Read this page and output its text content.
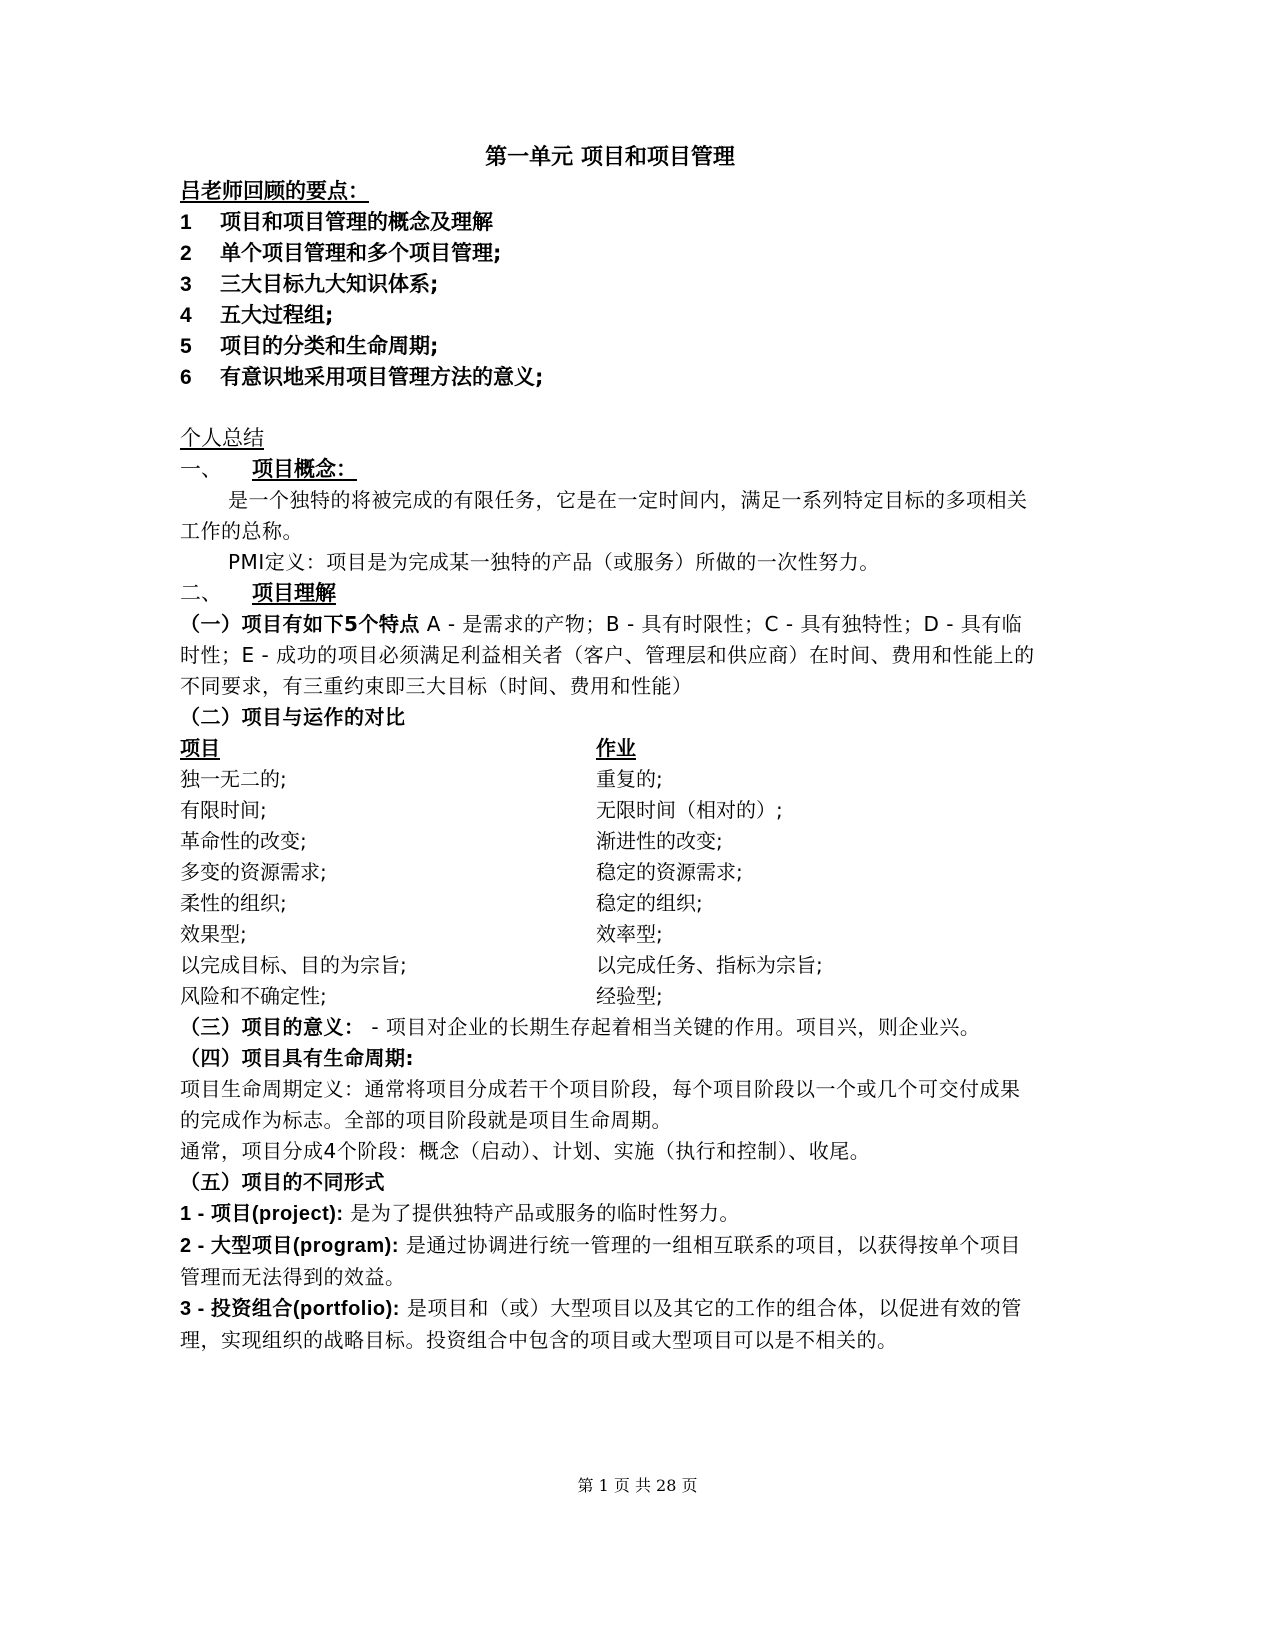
第一单元 项目和项目管理
吕老师回顾的要点：
1	项目和项目管理的概念及理解
2	单个项目管理和多个项目管理;
3	三大目标九大知识体系;
4	五大过程组;
5	项目的分类和生命周期;
6	有意识地采用项目管理方法的意义;
个人总结
一、	项目概念：

是一个独特的将被完成的有限任务，它是在一定时间内，满足一系列特定目标的多项相关工作的总称。

PMI定义：项目是为完成某一独特的产品（或服务）所做的一次性努力。

二、	项目理解

（一）项目有如下5个特点 A - 是需求的产物；B - 具有时限性；C - 具有独特性；D - 具有临时性；E - 成功的项目必须满足利益相关者（客户、管理层和供应商）在时间、费用和性能上的不同要求，有三重约束即三大目标（时间、费用和性能）

（二）项目与运作的对比

项目	作业
独一无二的;	重复的;
有限时间;	无限时间（相对的）;
革命性的改变;	渐进性的改变;
多变的资源需求;	稳定的资源需求;
柔性的组织;	稳定的组织;
效果型;	效率型;
以完成目标、目的为宗旨;	以完成任务、指标为宗旨;
风险和不确定性;	经验型;

（三）项目的意义： - 项目对企业的长期生存起着相当关键的作用。项目兴，则企业兴。

（四）项目具有生命周期:

项目生命周期定义：通常将项目分成若干个项目阶段，每个项目阶段以一个或几个可交付成果的完成作为标志。全部的项目阶段就是项目生命周期。

通常，项目分成4个阶段：概念（启动）、计划、实施（执行和控制）、收尾。

（五）项目的不同形式

1 - 项目(project): 是为了提供独特产品或服务的临时性努力。

2 - 大型项目(program): 是通过协调进行统一管理的一组相互联系的项目，以获得按单个项目管理而无法得到的效益。

3 - 投资组合(portfolio): 是项目和（或）大型项目以及其它的工作的组合体，以促进有效的管理，实现组织的战略目标。投资组合中包含的项目或大型项目可以是不相关的。

第 1 页 共 28 页
